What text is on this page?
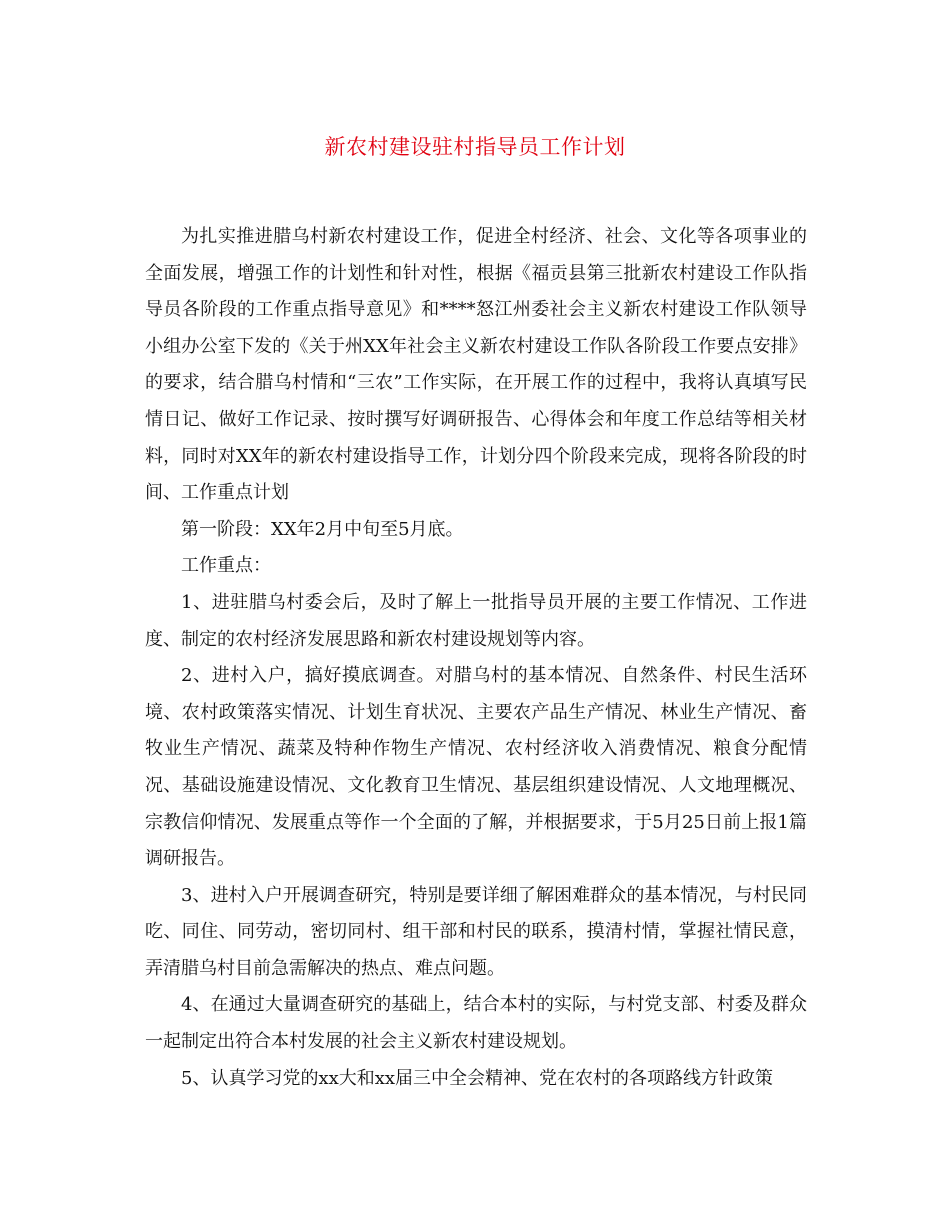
新农村建设驻村指导员工作计划

为扎实推进腊乌村新农村建设工作，促进全村经济、社会、文化等各项事业的全面发展，增强工作的计划性和针对性，根据《福贡县第三批新农村建设工作队指导员各阶段的工作重点指导意见》和****怒江州委社会主义新农村建设工作队领导小组办公室下发的《关于州XX年社会主义新农村建设工作队各阶段工作要点安排》的要求，结合腊乌村情和“三农”工作实际，在开展工作的过程中，我将认真填写民情日记、做好工作记录、按时撰写好调研报告、心得体会和年度工作总结等相关材料，同时对XX年的新农村建设指导工作，计划分四个阶段来完成，现将各阶段的时间、工作重点计划

第一阶段：XX年2月中旬至5月底。

工作重点：

1、进驻腊乌村委会后，及时了解上一批指导员开展的主要工作情况、工作进度、制定的农村经济发展思路和新农村建设规划等内容。

2、进村入户，搞好摸底调查。对腊乌村的基本情况、自然条件、村民生活环境、农村政策落实情况、计划生育状况、主要农产品生产情况、林业生产情况、畜牧业生产情况、蔬菜及特种作物生产情况、农村经济收入消费情况、粮食分配情况、基础设施建设情况、文化教育卫生情况、基层组织建设情况、人文地理概况、宗教信仰情况、发展重点等作一个全面的了解，并根据要求，于5月25日前上报1篇调研报告。

3、进村入户开展调查研究，特别是要详细了解困难群众的基本情况，与村民同吃、同住、同劳动，密切同村、组干部和村民的联系，摸清村情，掌握社情民意，弄清腊乌村目前急需解决的热点、难点问题。

4、在通过大量调查研究的基础上，结合本村的实际，与村党支部、村委及群众一起制定出符合本村发展的社会主义新农村建设规划。

5、认真学习党的xx大和xx届三中全会精神、党在农村的各项路线方针政策
